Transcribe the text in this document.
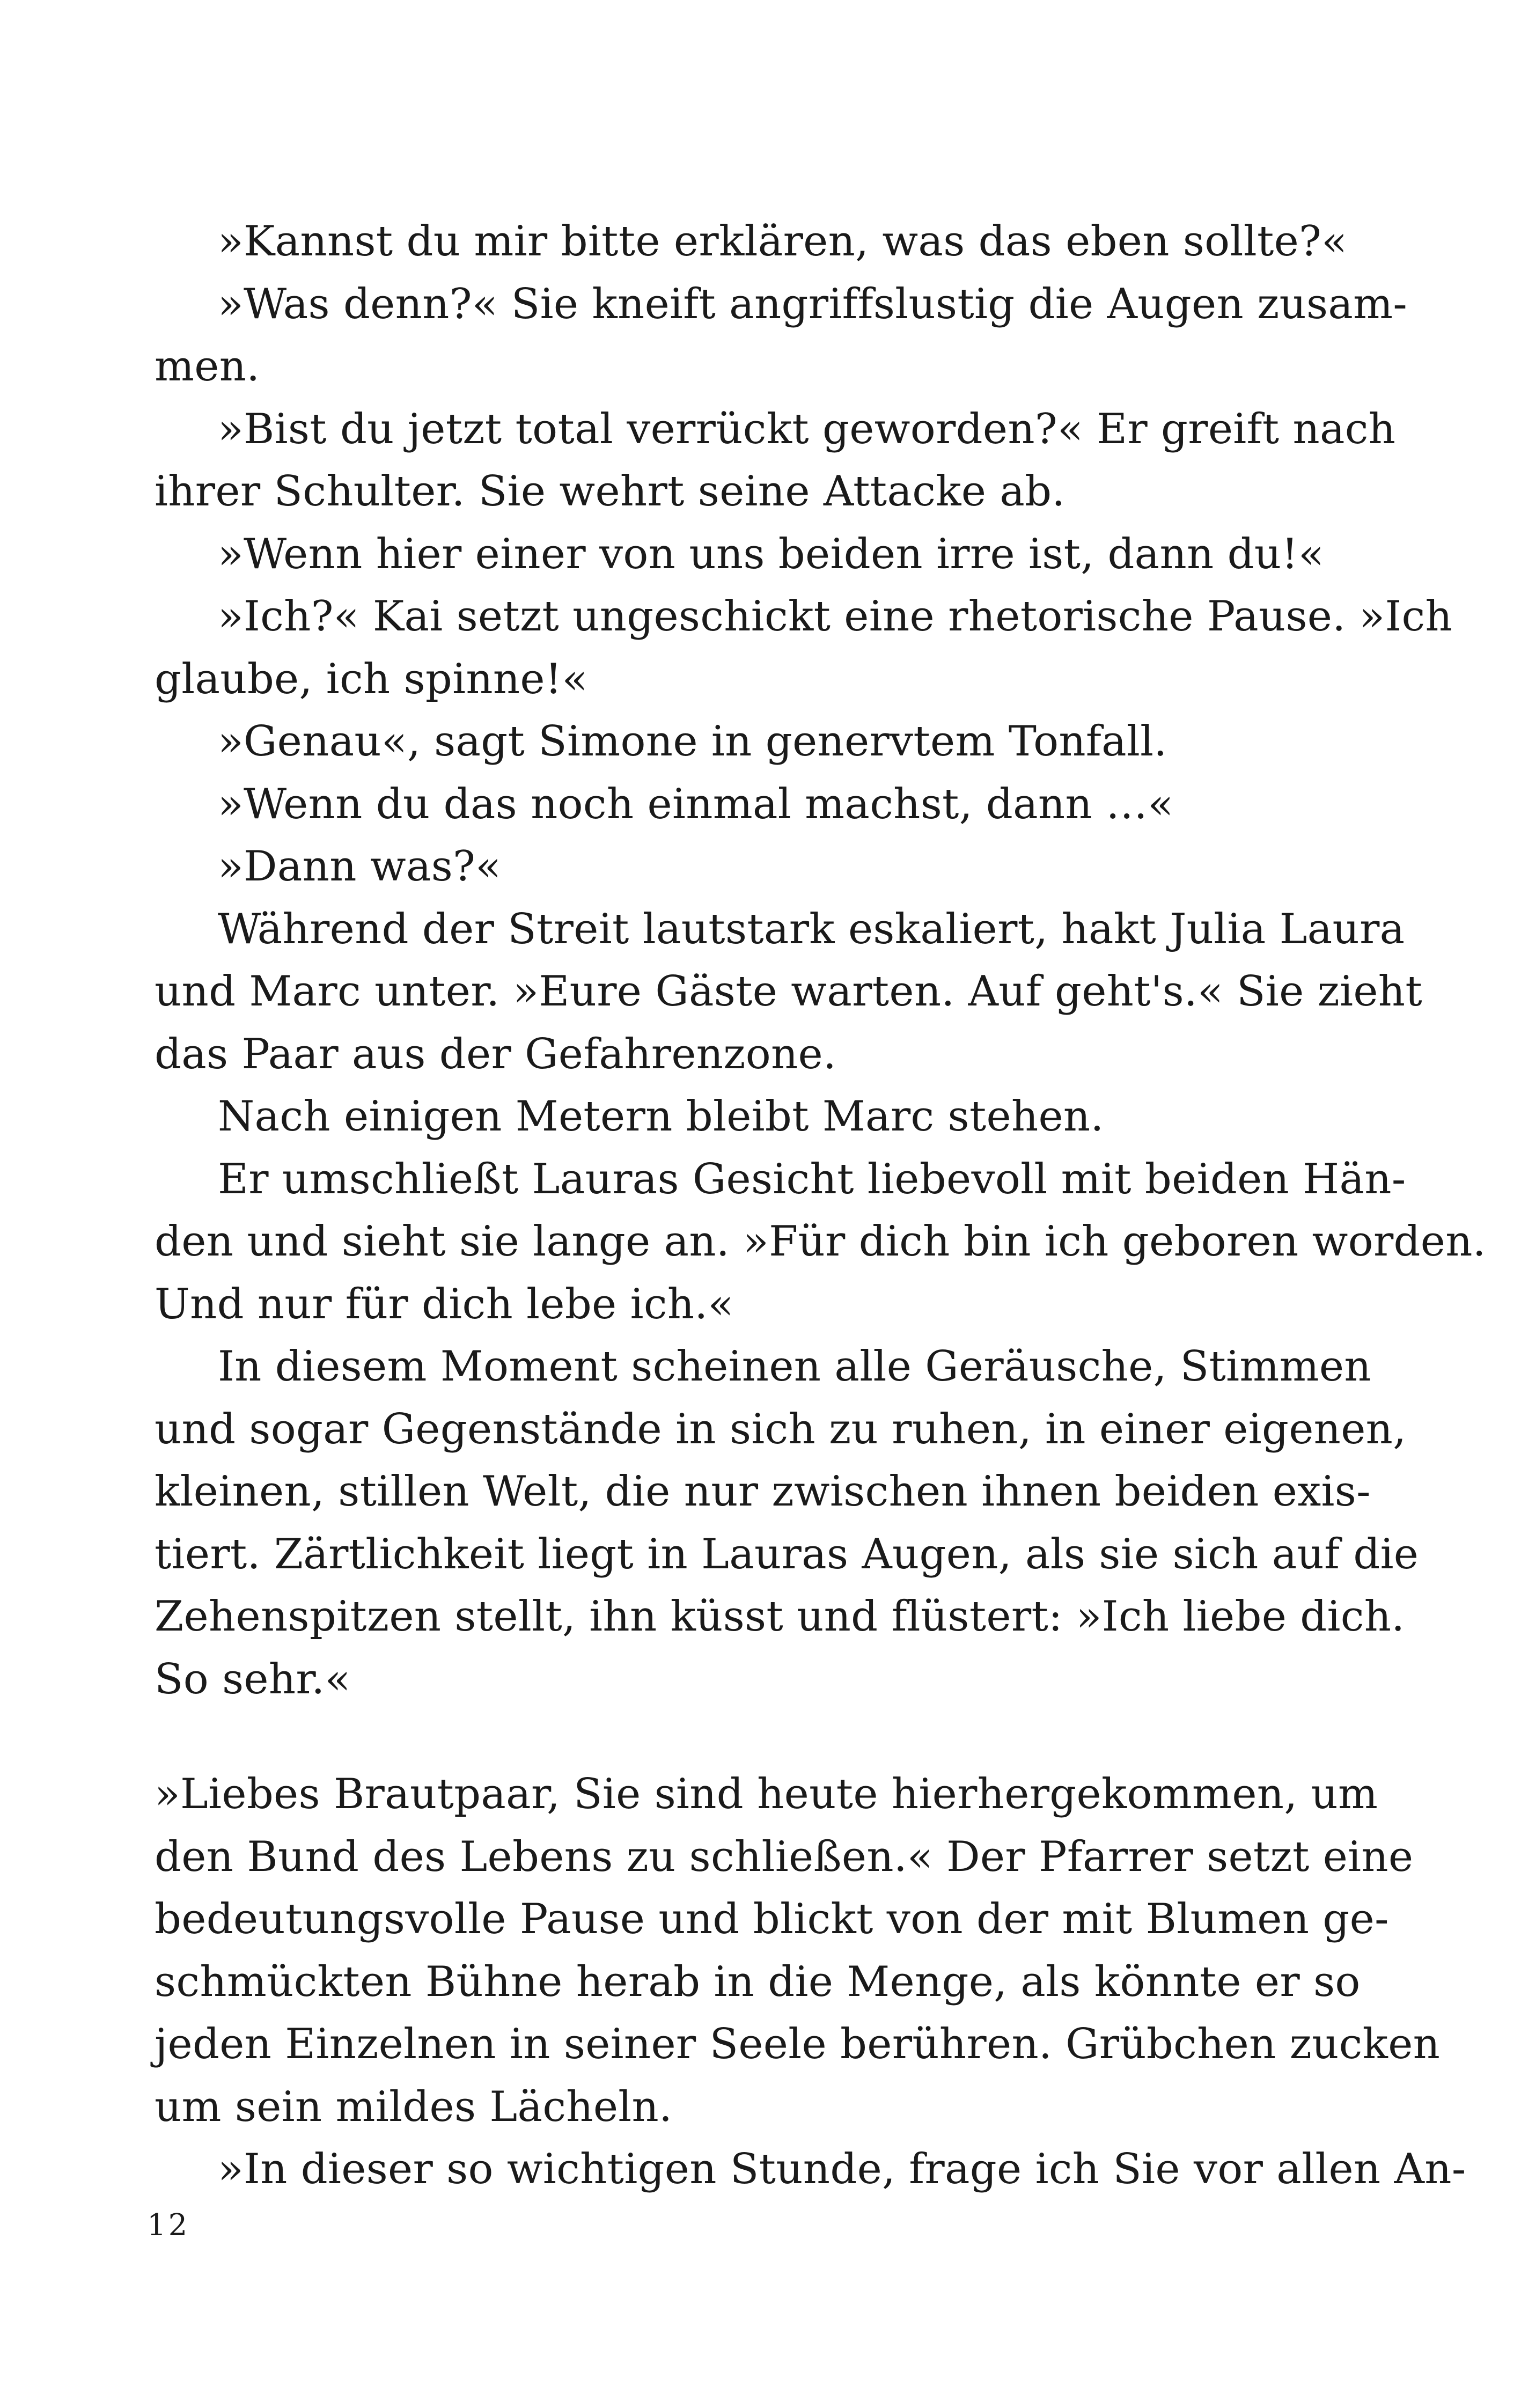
»Kannst du mir bitte erklären, was das eben sollte?«
»Was denn?« Sie kneift angriffslustig die Augen zusam-
men.
»Bist du jetzt total verrückt geworden?« Er greift nach
ihrer Schulter. Sie wehrt seine Attacke ab.
»Wenn hier einer von uns beiden irre ist, dann du!«
»Ich?« Kai setzt ungeschickt eine rhetorische Pause. »Ich
glaube, ich spinne!«
»Genau«, sagt Simone in genervtem Tonfall.
»Wenn du das noch einmal machst, dann …«
»Dann was?«
Während der Streit lautstark eskaliert, hakt Julia Laura
und Marc unter. »Eure Gäste warten. Auf geht's.« Sie zieht
das Paar aus der Gefahrenzone.
Nach einigen Metern bleibt Marc stehen.
Er umschließt Lauras Gesicht liebevoll mit beiden Hän-
den und sieht sie lange an. »Für dich bin ich geboren worden.
Und nur für dich lebe ich.«
In diesem Moment scheinen alle Geräusche, Stimmen
und sogar Gegenstände in sich zu ruhen, in einer eigenen,
kleinen, stillen Welt, die nur zwischen ihnen beiden exis-
tiert. Zärtlichkeit liegt in Lauras Augen, als sie sich auf die
Zehenspitzen stellt, ihn küsst und flüstert: »Ich liebe dich.
So sehr.«
»Liebes Brautpaar, Sie sind heute hierhergekommen, um
den Bund des Lebens zu schließen.« Der Pfarrer setzt eine
bedeutungsvolle Pause und blickt von der mit Blumen ge-
schmückten Bühne herab in die Menge, als könnte er so
jeden Einzelnen in seiner Seele berühren. Grübchen zucken
um sein mildes Lächeln.
»In dieser so wichtigen Stunde, frage ich Sie vor allen An-
12
